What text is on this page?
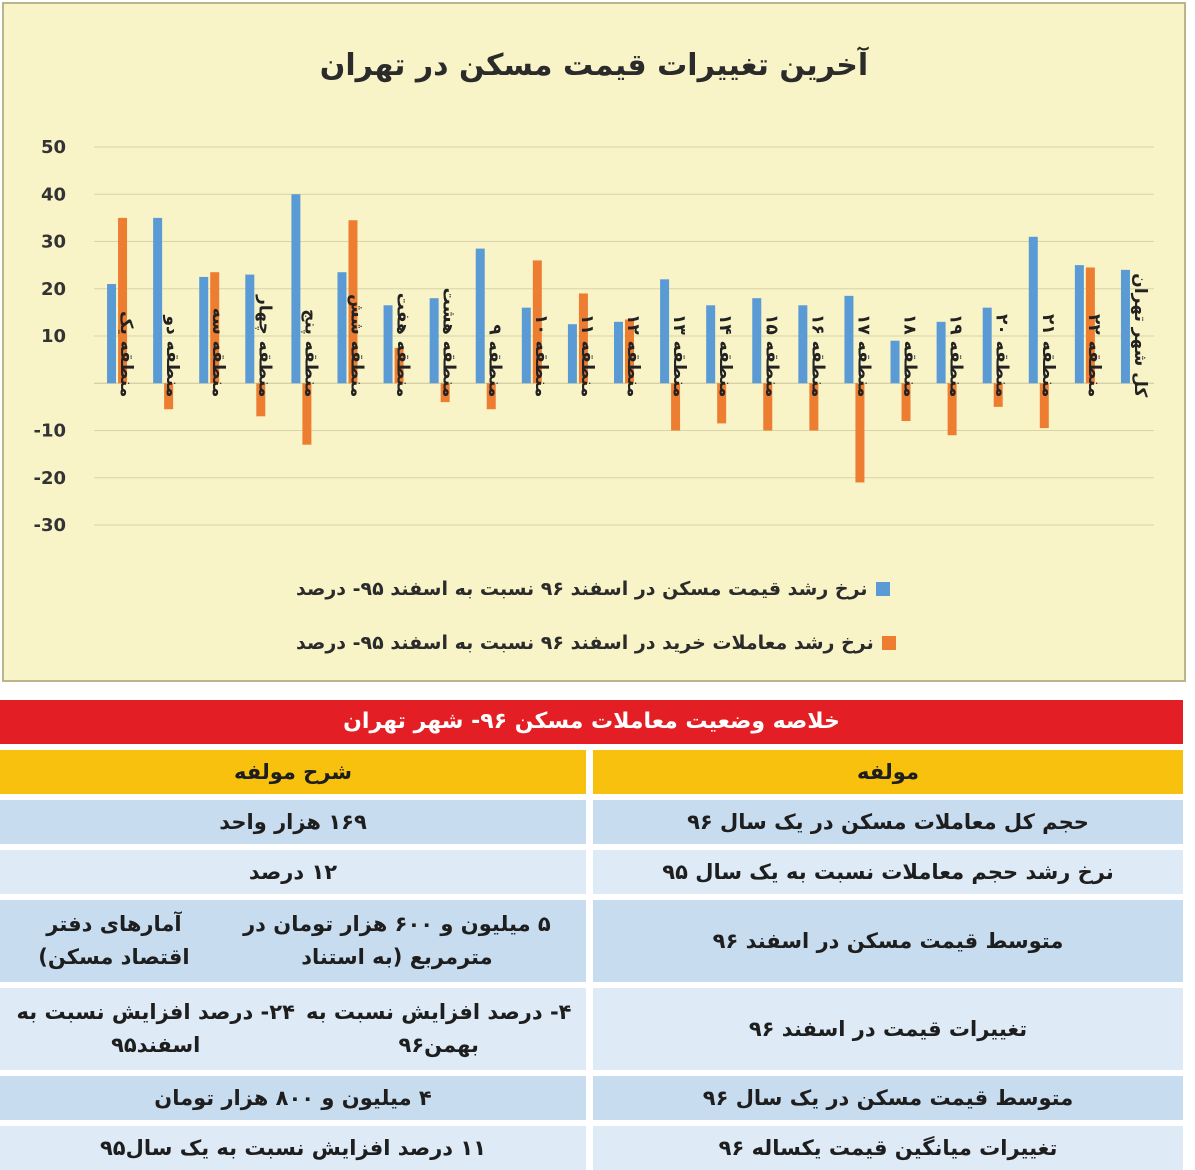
آخرین تغییرات قیمت مسکن در تهران
50
40
30
20
10
-10
-20
-30
منطقه یک منطقه دو منطقه سه منطقه چهار منطقه پنج منطقه شش منطقه هفت منطقه هشت منطقه ۹
منطقه ۱۰
منطقه ۱۱
منطقه ۱۲
منطقه ۱۳
منطقه ۱۴
منطقه ۱۵
منطقه ۱۶
منطقه ۱۷
منطقه ۱۸
منطقه ۱۹
منطقه ۲۰
منطقه ۲۱
منطقه ۲۲ کل شهر تهران
نرخ رشد قیمت مسکن در اسفند ۹۶ نسبت به اسفند ۹۵- درصد
نرخ رشد معاملات خرید در اسفند ۹۶ نسبت به اسفند ۹۵- درصد
خلاصه وضعیت معاملات مسکن ۹۶- شهر تهران
مولفه
شرح مولفه
حجم کل معاملات مسکن در یک سال ۹۶
۱۶۹ هزار واحد
نرخ رشد حجم معاملات نسبت به یک سال ۹۵
۱۲ درصد
متوسط قیمت مسکن در اسفند ۹۶
۵ میلیون و ۶۰۰ هزار تومان در مترمربع (به استناد
آمارهای دفتر اقتصاد مسکن)
تغییرات قیمت در اسفند ۹۶
۴- درصد افزایش نسبت به بهمن۹۶
۲۴- درصد افزایش نسبت به اسفند۹۵
متوسط قیمت مسکن در یک سال ۹۶
۴ میلیون و ۸۰۰ هزار تومان
تغییرات میانگین قیمت یکساله ۹۶
۱۱ درصد افزایش نسبت به یک سال۹۵
